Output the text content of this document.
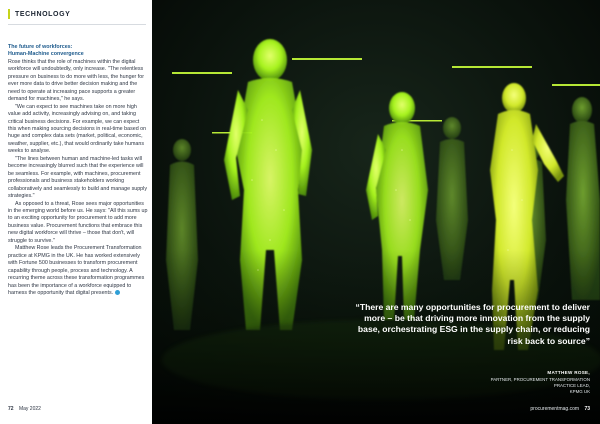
TECHNOLOGY

The future of workforces:

Human-Machine convergence

Rose thinks that the role of machines within the digital workforce will undoubtedly, only increase. "The relentless pressure on business to do more with less, the hunger for ever more data to drive better decision making and the need to operate at increasing pace supports a greater demand for machines," he says.

"We can expect to see machines take on more high value add activity, increasingly advising on, and taking critical business decisions. For example, we can expect this when making sourcing decisions in real-time based on huge and complex data sets (market, political, economic, weather, supplier, etc.), that would ordinarily take humans weeks to analyse.

"The lines between human and machine-led tasks will become increasingly blurred such that the experience will be seamless. For example, with machines, procurement professionals and business stakeholders working collaboratively and seamlessly to build and manage supply strategies."

As opposed to a threat, Rose sees major opportunities in the emerging world before us. He says: "All this sums up to an exciting opportunity for procurement to add more business value. Procurement functions that embrace this new digital workforce will thrive – those that don't, will struggle to survive."

Matthew Rose leads the Procurement Transformation practice at KPMG in the UK. He has worked extensively with Fortune 500 businesses to transform procurement capability through people, process and technology. A recurring theme across these transformation programmes has been the importance of a workforce equipped to harness the opportunity that digital presents.

72 May 2022
“There are many opportunities for procurement to deliver more – be that driving more innovation from the supply base, orchestrating ESG in the supply chain, or reducing risk back to source”
MATTHEW ROSE,
PARTNER, PROCUREMENT TRANSFORMATION
PRACTICE LEAD,
KPMG UK
procurementmag.com 73
